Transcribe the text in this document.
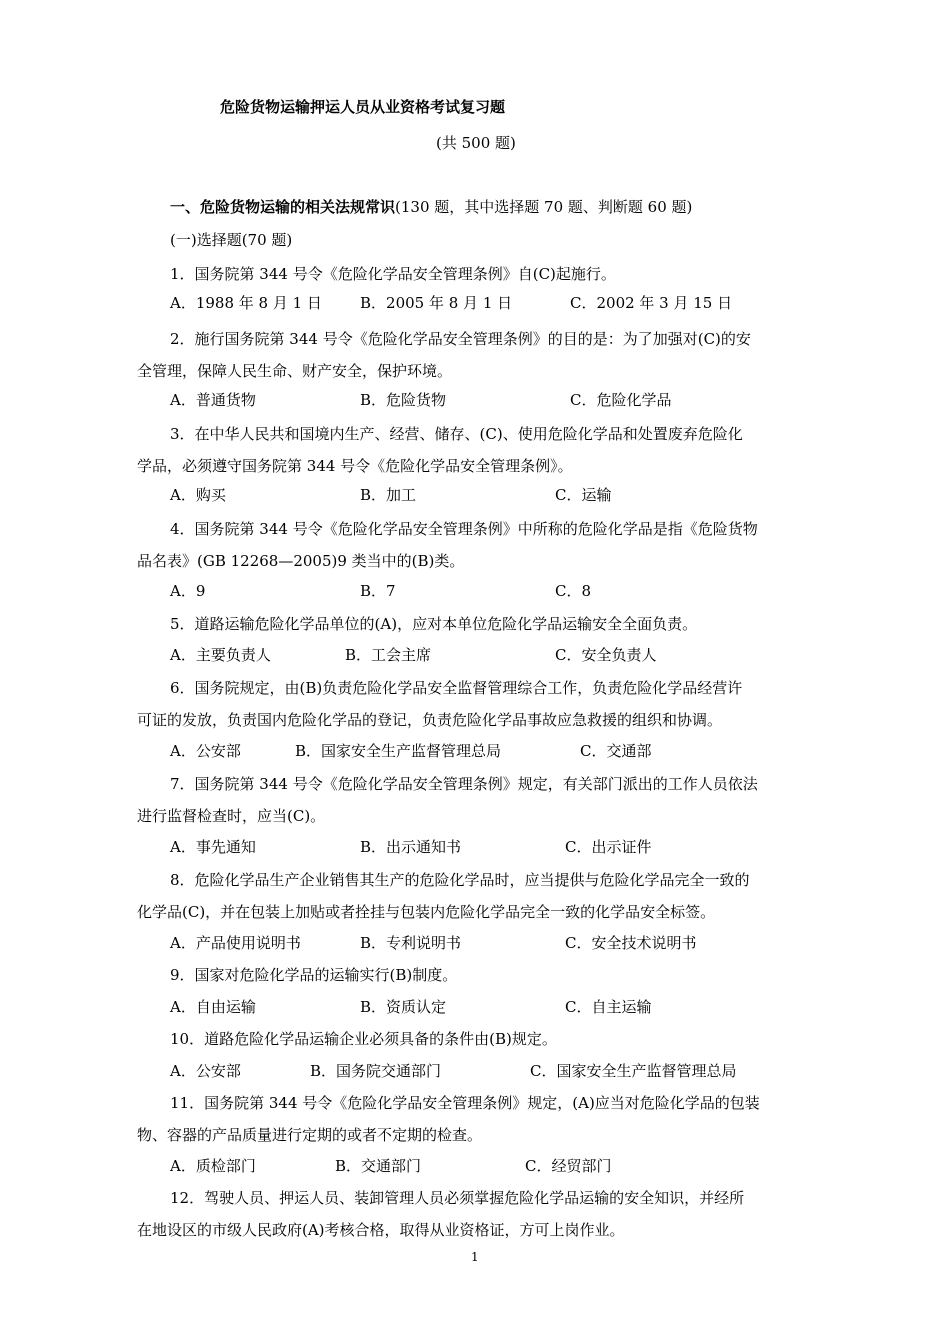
危险货物运输押运人员从业资格考试复习题
(共 500 题)
一、危险货物运输的相关法规常识(130 题，其中选择题 70 题、判断题 60 题)
(一)选择题(70 题)
1．国务院第 344 号令《危险化学品安全管理条例》自(C)起施行。
A．1988 年 8 月 1 日	B．2005 年 8 月 1 日	C．2002 年 3 月 15 日
2．施行国务院第 344 号令《危险化学品安全管理条例》的目的是：为了加强对(C)的安
全管理，保障人民生命、财产安全，保护环境。
A．普通货物	B．危险货物	C．危险化学品
3．在中华人民共和国境内生产、经营、储存、(C)、使用危险化学品和处置废弃危险化
学品，必须遵守国务院第 344 号令《危险化学品安全管理条例》。
A．购买	B．加工	C．运输
4．国务院第 344 号令《危险化学品安全管理条例》中所称的危险化学品是指《危险货物
品名表》(GB 12268—2005)9 类当中的(B)类。
A．9	B．7	C．8
5．道路运输危险化学品单位的(A)，应对本单位危险化学品运输安全全面负责。
A．主要负责人	B．工会主席	C．安全负责人
6．国务院规定，由(B)负责危险化学品安全监督管理综合工作，负责危险化学品经营许
可证的发放，负责国内危险化学品的登记，负责危险化学品事故应急救援的组织和协调。
A．公安部	B．国家安全生产监督管理总局	C．交通部
7．国务院第 344 号令《危险化学品安全管理条例》规定，有关部门派出的工作人员依法
进行监督检查时，应当(C)。
A．事先通知	B．出示通知书	C．出示证件
8．危险化学品生产企业销售其生产的危险化学品时，应当提供与危险化学品完全一致的
化学品(C)，并在包装上加贴或者拴挂与包装内危险化学品完全一致的化学品安全标签。
A．产品使用说明书	B．专利说明书	C．安全技术说明书
9．国家对危险化学品的运输实行(B)制度。
A．自由运输	B．资质认定	C．自主运输
10．道路危险化学品运输企业必须具备的条件由(B)规定。
A．公安部	B．国务院交通部门	C．国家安全生产监督管理总局
11．国务院第 344 号令《危险化学品安全管理条例》规定，(A)应当对危险化学品的包装
物、容器的产品质量进行定期的或者不定期的检查。
A．质检部门	B．交通部门	C．经贸部门
12．驾驶人员、押运人员、装卸管理人员必须掌握危险化学品运输的安全知识，并经所
在地设区的市级人民政府(A)考核合格，取得从业资格证，方可上岗作业。
1
